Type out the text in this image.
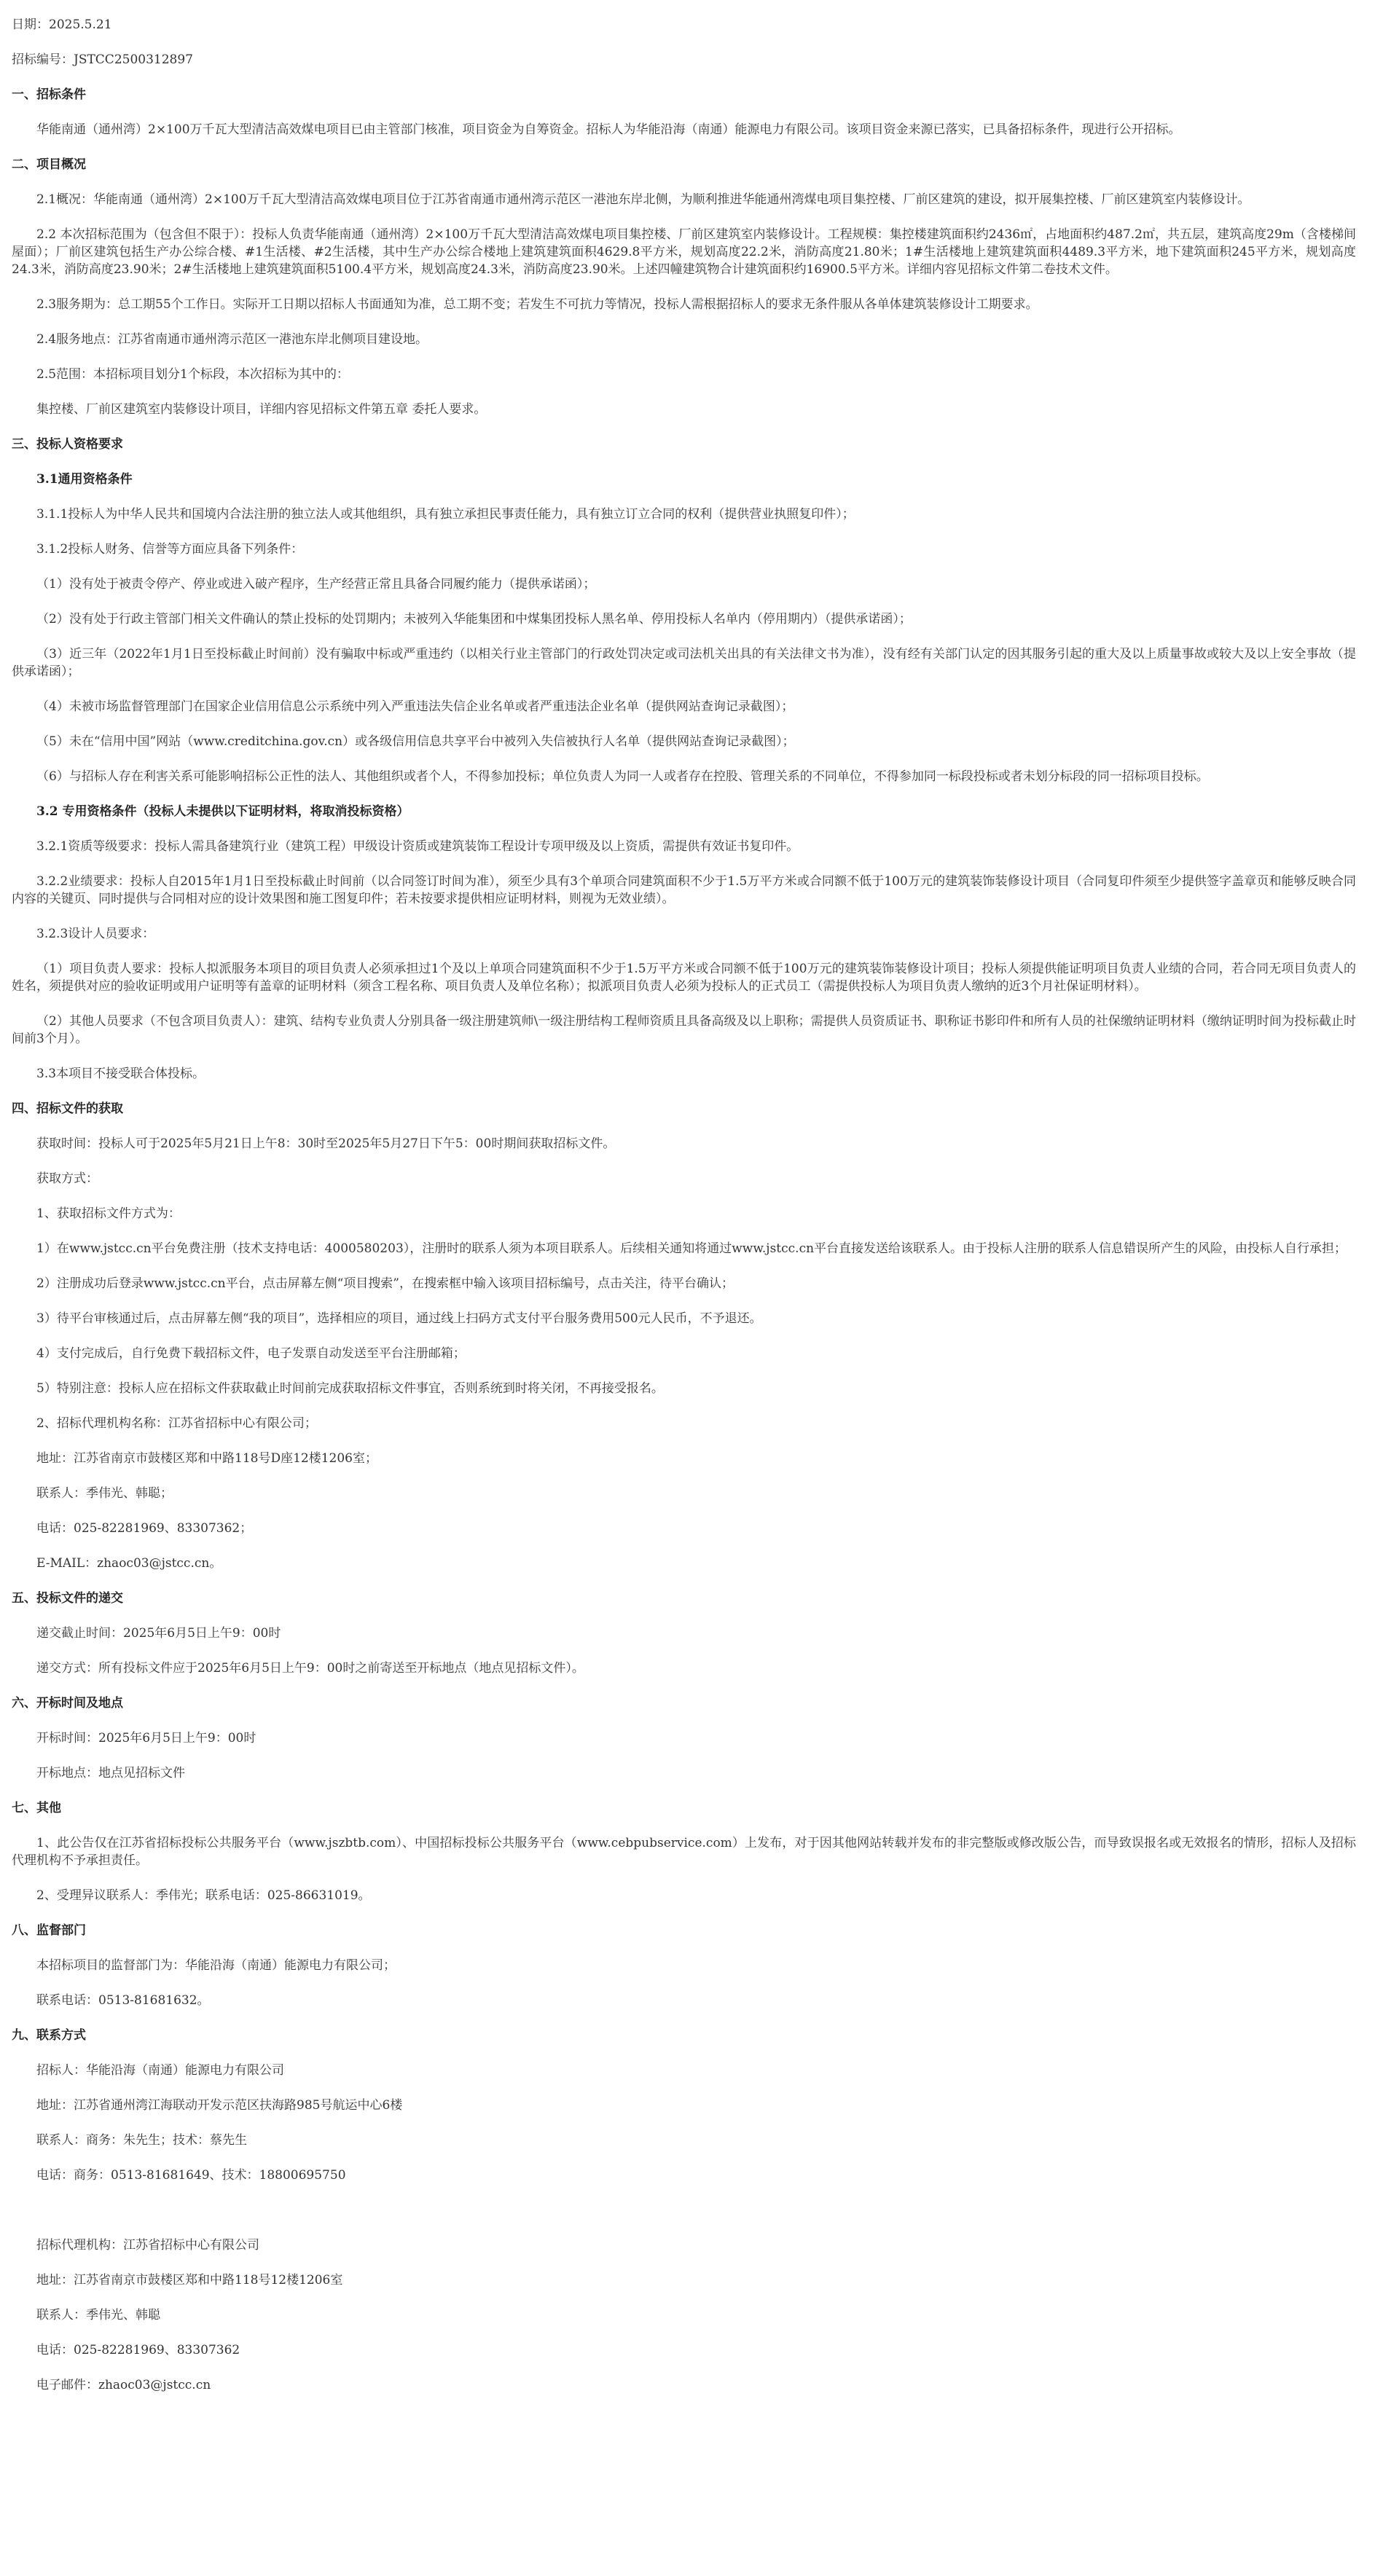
日期：2025.5.21
招标编号：JSTCC2500312897
一、招标条件
华能南通（通州湾）2×100万千瓦大型清洁高效煤电项目已由主管部门核准，项目资金为自筹资金。招标人为华能沿海（南通）能源电力有限公司。该项目资金来源已落实，已具备招标条件，现进行公开招标。
二、项目概况
2.1概况：华能南通（通州湾）2×100万千瓦大型清洁高效煤电项目位于江苏省南通市通州湾示范区一港池东岸北侧，为顺利推进华能通州湾煤电项目集控楼、厂前区建筑的建设，拟开展集控楼、厂前区建筑室内装修设计。
2.2 本次招标范围为（包含但不限于）：投标人负责华能南通（通州湾）2×100万千瓦大型清洁高效煤电项目集控楼、厂前区建筑室内装修设计。工程规模：集控楼建筑面积约2436㎡，占地面积约487.2㎡，共五层，建筑高度29m（含楼梯间屋面）；厂前区建筑包括生产办公综合楼、#1生活楼、#2生活楼，其中生产办公综合楼地上建筑建筑面积4629.8平方米，规划高度22.2米，消防高度21.80米；1#生活楼地上建筑建筑面积4489.3平方米，地下建筑面积245平方米，规划高度24.3米，消防高度23.90米；2#生活楼地上建筑建筑面积5100.4平方米，规划高度24.3米，消防高度23.90米。上述四幢建筑物合计建筑面积约16900.5平方米。详细内容见招标文件第二卷技术文件。
2.3服务期为：总工期55个工作日。实际开工日期以招标人书面通知为准，总工期不变；若发生不可抗力等情况，投标人需根据招标人的要求无条件服从各单体建筑装修设计工期要求。
2.4服务地点：江苏省南通市通州湾示范区一港池东岸北侧项目建设地。
2.5范围：本招标项目划分1个标段，本次招标为其中的：
集控楼、厂前区建筑室内装修设计项目，详细内容见招标文件第五章 委托人要求。
三、投标人资格要求
3.1通用资格条件
3.1.1投标人为中华人民共和国境内合法注册的独立法人或其他组织，具有独立承担民事责任能力，具有独立订立合同的权利（提供营业执照复印件）；
3.1.2投标人财务、信誉等方面应具备下列条件：
（1）没有处于被责令停产、停业或进入破产程序，生产经营正常且具备合同履约能力（提供承诺函）；
（2）没有处于行政主管部门相关文件确认的禁止投标的处罚期内；未被列入华能集团和中煤集团投标人黑名单、停用投标人名单内（停用期内）（提供承诺函）；
（3）近三年（2022年1月1日至投标截止时间前）没有骗取中标或严重违约（以相关行业主管部门的行政处罚决定或司法机关出具的有关法律文书为准），没有经有关部门认定的因其服务引起的重大及以上质量事故或较大及以上安全事故（提供承诺函）；
（4）未被市场监督管理部门在国家企业信用信息公示系统中列入严重违法失信企业名单或者严重违法企业名单（提供网站查询记录截图）；
（5）未在“信用中国”网站（www.creditchina.gov.cn）或各级信用信息共享平台中被列入失信被执行人名单（提供网站查询记录截图）；
（6）与招标人存在利害关系可能影响招标公正性的法人、其他组织或者个人，不得参加投标；单位负责人为同一人或者存在控股、管理关系的不同单位，不得参加同一标段投标或者未划分标段的同一招标项目投标。
3.2 专用资格条件（投标人未提供以下证明材料，将取消投标资格）
3.2.1资质等级要求：投标人需具备建筑行业（建筑工程）甲级设计资质或建筑装饰工程设计专项甲级及以上资质，需提供有效证书复印件。
3.2.2业绩要求：投标人自2015年1月1日至投标截止时间前（以合同签订时间为准），须至少具有3个单项合同建筑面积不少于1.5万平方米或合同额不低于100万元的建筑装饰装修设计项目（合同复印件须至少提供签字盖章页和能够反映合同内容的关键页、同时提供与合同相对应的设计效果图和施工图复印件；若未按要求提供相应证明材料，则视为无效业绩）。
3.2.3设计人员要求：
（1）项目负责人要求：投标人拟派服务本项目的项目负责人必须承担过1个及以上单项合同建筑面积不少于1.5万平方米或合同额不低于100万元的建筑装饰装修设计项目；投标人须提供能证明项目负责人业绩的合同，若合同无项目负责人的姓名，须提供对应的验收证明或用户证明等有盖章的证明材料（须含工程名称、项目负责人及单位名称）；拟派项目负责人必须为投标人的正式员工（需提供投标人为项目负责人缴纳的近3个月社保证明材料）。
（2）其他人员要求（不包含项目负责人）：建筑、结构专业负责人分别具备一级注册建筑师\一级注册结构工程师资质且具备高级及以上职称；需提供人员资质证书、职称证书影印件和所有人员的社保缴纳证明材料（缴纳证明时间为投标截止时间前3个月）。
3.3本项目不接受联合体投标。
四、招标文件的获取
获取时间：投标人可于2025年5月21日上午8：30时至2025年5月27日下午5：00时期间获取招标文件。
获取方式：
1、获取招标文件方式为：
1）在www.jstcc.cn平台免费注册（技术支持电话：4000580203），注册时的联系人须为本项目联系人。后续相关通知将通过www.jstcc.cn平台直接发送给该联系人。由于投标人注册的联系人信息错误所产生的风险，由投标人自行承担；
2）注册成功后登录www.jstcc.cn平台，点击屏幕左侧“项目搜索”，在搜索框中输入该项目招标编号，点击关注，待平台确认；
3）待平台审核通过后，点击屏幕左侧“我的项目”，选择相应的项目，通过线上扫码方式支付平台服务费用500元人民币，不予退还。
4）支付完成后，自行免费下载招标文件，电子发票自动发送至平台注册邮箱；
5）特别注意：投标人应在招标文件获取截止时间前完成获取招标文件事宜，否则系统到时将关闭，不再接受报名。
2、招标代理机构名称：江苏省招标中心有限公司；
地址：江苏省南京市鼓楼区郑和中路118号D座12楼1206室；
联系人：季伟光、韩聪；
电话：025-82281969、83307362；
E-MAIL：zhaoc03@jstcc.cn。
五、投标文件的递交
递交截止时间：2025年6月5日上午9：00时
递交方式：所有投标文件应于2025年6月5日上午9：00时之前寄送至开标地点（地点见招标文件）。
六、开标时间及地点
开标时间：2025年6月5日上午9：00时
开标地点：地点见招标文件
七、其他
1、此公告仅在江苏省招标投标公共服务平台（www.jszbtb.com）、中国招标投标公共服务平台（www.cebpubservice.com）上发布，对于因其他网站转载并发布的非完整版或修改版公告，而导致误报名或无效报名的情形，招标人及招标代理机构不予承担责任。
2、受理异议联系人：季伟光；联系电话：025-86631019。
八、监督部门
本招标项目的监督部门为：华能沿海（南通）能源电力有限公司；
联系电话：0513-81681632。
九、联系方式
招标人：华能沿海（南通）能源电力有限公司
地址：江苏省通州湾江海联动开发示范区扶海路985号航运中心6楼
联系人：商务：朱先生；技术：蔡先生
电话：商务：0513-81681649、技术：18800695750
招标代理机构：江苏省招标中心有限公司
地址：江苏省南京市鼓楼区郑和中路118号12楼1206室
联系人：季伟光、韩聪
电话：025-82281969、83307362
电子邮件：zhaoc03@jstcc.cn
